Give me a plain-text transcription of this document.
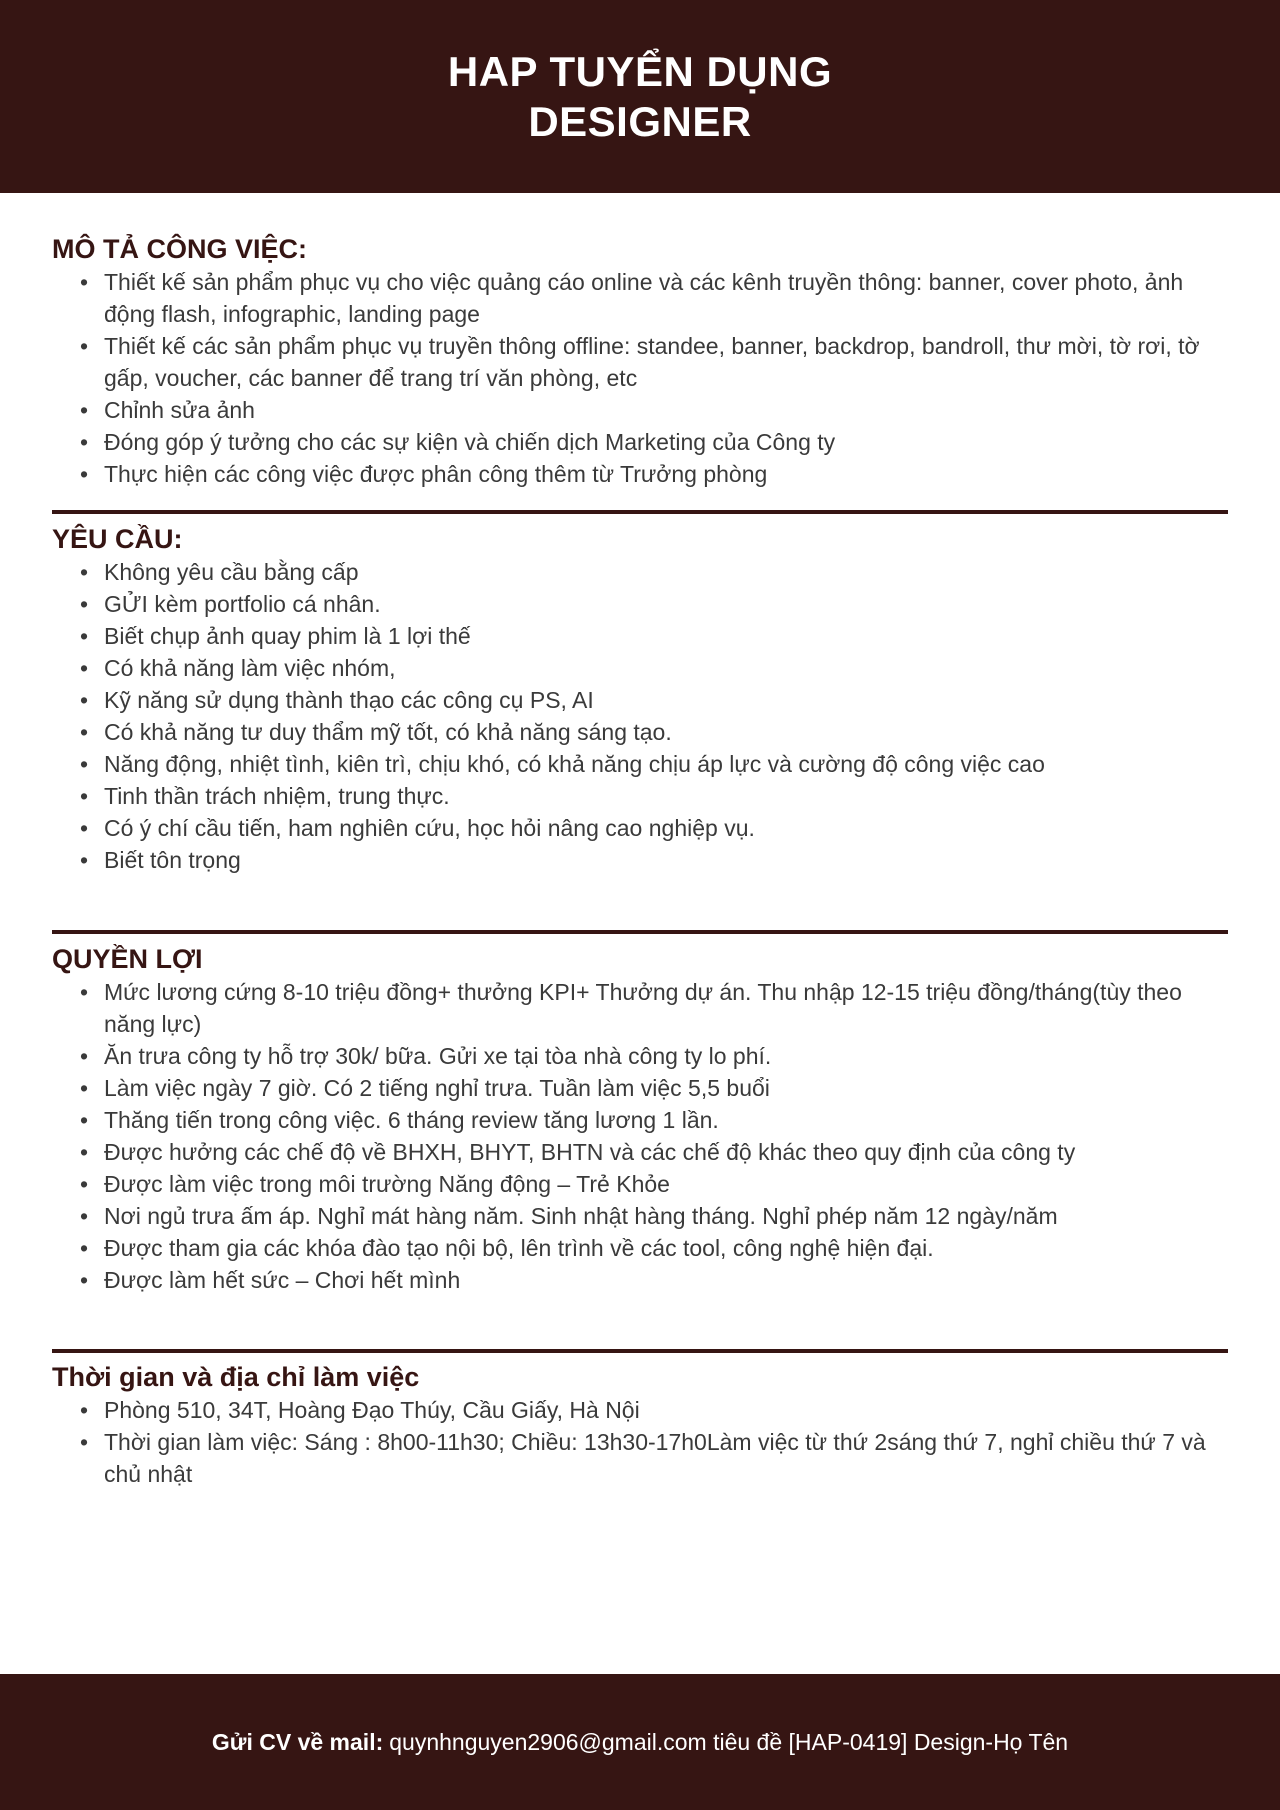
HAP TUYỂN DỤNG
DESIGNER
MÔ TẢ CÔNG VIỆC:
• Thiết kế sản phẩm phục vụ cho việc quảng cáo online và các kênh truyền thông: banner, cover photo, ảnh động flash, infographic, landing page
• Thiết kế các sản phẩm phục vụ truyền thông offline: standee, banner, backdrop, bandroll, thư mời, tờ rơi, tờ gấp, voucher, các banner để trang trí văn phòng, etc
• Chỉnh sửa ảnh
• Đóng góp ý tưởng cho các sự kiện và chiến dịch Marketing của Công ty
• Thực hiện các công việc được phân công thêm từ Trưởng phòng
YÊU CẦU:
• Không yêu cầu bằng cấp
• GỬI kèm portfolio cá nhân.
• Biết chụp ảnh quay phim là 1 lợi thế
• Có khả năng làm việc nhóm,
• Kỹ năng sử dụng thành thạo các công cụ PS, AI
• Có khả năng tư duy thẩm mỹ tốt, có khả năng sáng tạo.
• Năng động, nhiệt tình, kiên trì, chịu khó, có khả năng chịu áp lực và cường độ công việc cao
• Tinh thần trách nhiệm, trung thực.
• Có ý chí cầu tiến, ham nghiên cứu, học hỏi nâng cao nghiệp vụ.
• Biết tôn trọng
QUYỀN LỢI
• Mức lương cứng 8-10 triệu đồng+ thưởng KPI+ Thưởng dự án. Thu nhập 12-15 triệu đồng/tháng(tùy theo năng lực)
• Ăn trưa công ty hỗ trợ 30k/ bữa. Gửi xe tại tòa nhà công ty lo phí.
• Làm việc ngày 7 giờ. Có 2 tiếng nghỉ trưa. Tuần làm việc 5,5 buổi
• Thăng tiến trong công việc. 6 tháng review tăng lương 1 lần.
• Được hưởng các chế độ về BHXH, BHYT, BHTN và các chế độ khác theo quy định của công ty
• Được làm việc trong môi trường Năng động – Trẻ Khỏe
• Nơi ngủ trưa ấm áp. Nghỉ mát hàng năm. Sinh nhật hàng tháng. Nghỉ phép năm 12 ngày/năm
• Được tham gia các khóa đào tạo nội bộ, lên trình về các tool, công nghệ hiện đại.
• Được làm hết sức – Chơi hết mình
Thời gian và địa chỉ làm việc
• Phòng 510, 34T, Hoàng Đạo Thúy, Cầu Giấy, Hà Nội
• Thời gian làm việc: Sáng : 8h00-11h30; Chiều: 13h30-17h0Làm việc từ thứ 2sáng thứ 7, nghỉ chiều thứ 7 và chủ nhật
Gửi CV về mail: quynhnguyen2906@gmail.com tiêu đề [HAP-0419] Design-Họ Tên
